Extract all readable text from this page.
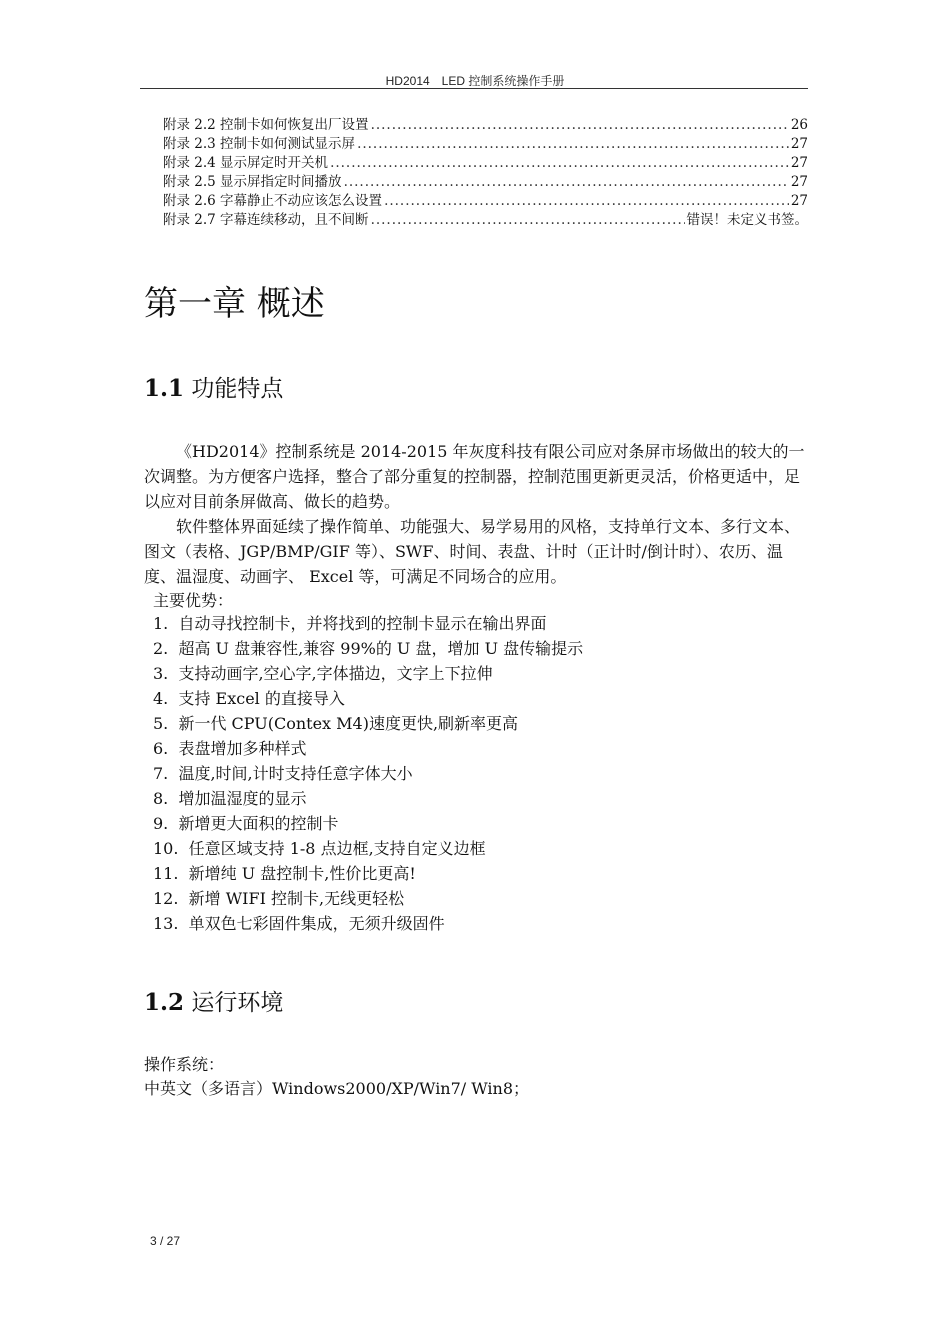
HD2014　LED 控制系统操作手册
附录 2.2 控制卡如何恢复出厂设置 .....	26
附录 2.3 控制卡如何测试显示屏 .....	27
附录 2.4 显示屏定时开关机 .....	27
附录 2.5 显示屏指定时间播放 .....	27
附录 2.6 字幕静止不动应该怎么设置 .....	27
附录 2.7 字幕连续移动，且不间断 .....	错误！未定义书签。
第一章 概述
1.1 功能特点

《HD2014》控制系统是 2014-2015 年灰度科技有限公司应对条屏市场做出的较大的一次调整。为方便客户选择，整合了部分重复的控制器，控制范围更新更灵活，价格更适中，足以应对目前条屏做高、做长的趋势。

软件整体界面延续了操作简单、功能强大、易学易用的风格，支持单行文本、多行文本、图文（表格、JGP/BMP/GIF 等）、SWF、时间、表盘、计时（正计时/倒计时）、农历、温度、温湿度、动画字、 Excel 等，可满足不同场合的应用。

主要优势：

1. 自动寻找控制卡，并将找到的控制卡显示在输出界面
2. 超高 U 盘兼容性,兼容 99%的 U 盘，增加 U 盘传输提示
3. 支持动画字,空心字,字体描边，文字上下拉伸
4. 支持 Excel 的直接导入
5. 新一代 CPU(Contex M4)速度更快,刷新率更高
6. 表盘增加多种样式
7. 温度,时间,计时支持任意字体大小
8. 增加温湿度的显示
9. 新增更大面积的控制卡
10. 任意区域支持 1-8 点边框,支持自定义边框
11. 新增纯 U 盘控制卡,性价比更高!
12. 新增 WIFI 控制卡,无线更轻松
13. 单双色七彩固件集成，无须升级固件
1.2 运行环境

操作系统：

中英文（多语言）Windows2000/XP/Win7/ Win8；

3 / 27
